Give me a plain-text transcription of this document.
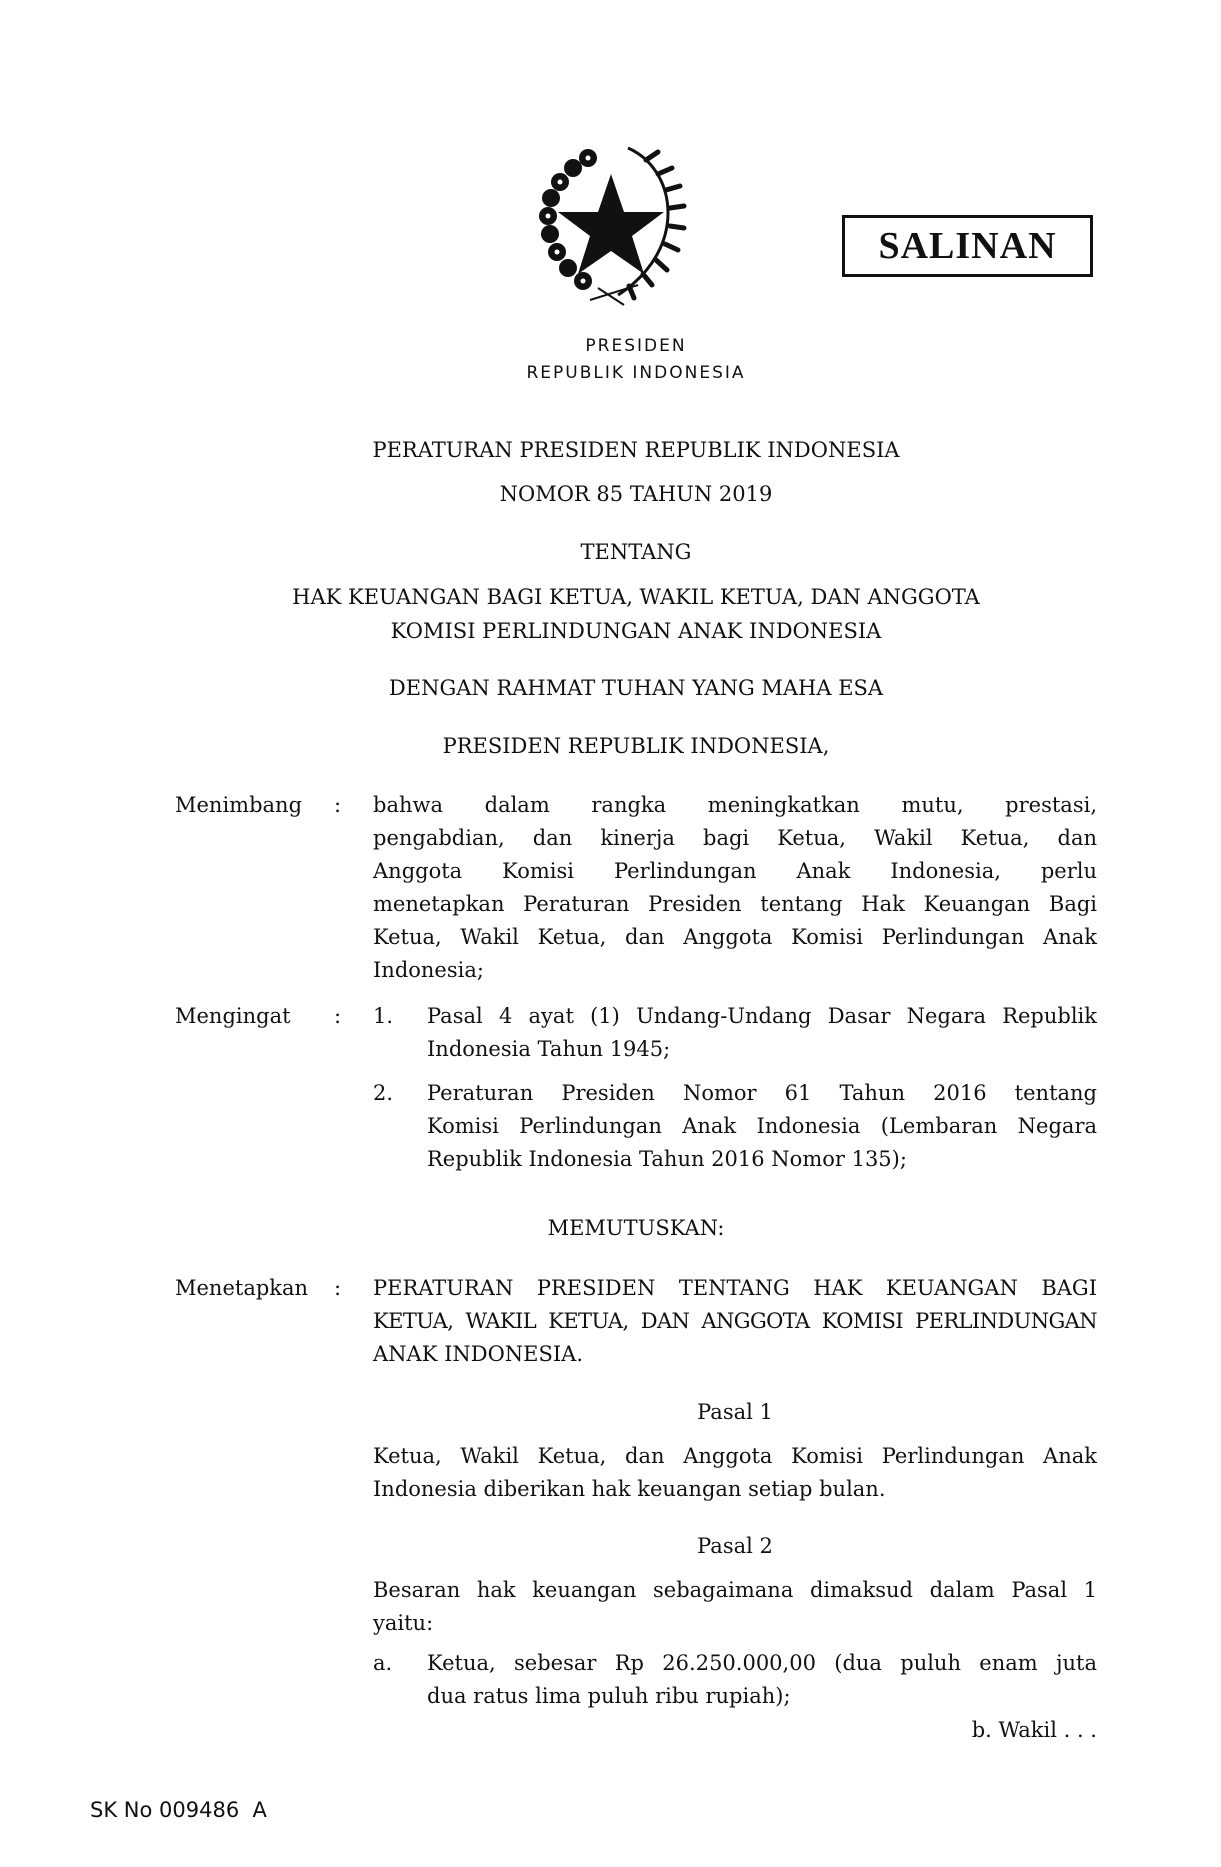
PRESIDEN
REPUBLIK INDONESIA
SALINAN
PERATURAN PRESIDEN REPUBLIK INDONESIA
NOMOR 85 TAHUN 2019
TENTANG
HAK KEUANGAN BAGI KETUA, WAKIL KETUA, DAN ANGGOTA
KOMISI PERLINDUNGAN ANAK INDONESIA
DENGAN RAHMAT TUHAN YANG MAHA ESA
PRESIDEN REPUBLIK INDONESIA,
Menimbang : bahwa dalam rangka meningkatkan mutu, prestasi,
pengabdian, dan kinerja bagi Ketua, Wakil Ketua, dan
Anggota Komisi Perlindungan Anak Indonesia, perlu
menetapkan Peraturan Presiden tentang Hak Keuangan Bagi
Ketua, Wakil Ketua, dan Anggota Komisi Perlindungan Anak
Indonesia;
Mengingat : 1. Pasal 4 ayat (1) Undang-Undang Dasar Negara Republik
Indonesia Tahun 1945;
2. Peraturan Presiden Nomor 61 Tahun 2016 tentang
Komisi Perlindungan Anak Indonesia (Lembaran Negara
Republik Indonesia Tahun 2016 Nomor 135);
MEMUTUSKAN:
Menetapkan : PERATURAN PRESIDEN TENTANG HAK KEUANGAN BAGI
KETUA, WAKIL KETUA, DAN ANGGOTA KOMISI PERLINDUNGAN
ANAK INDONESIA.
Pasal 1
Ketua, Wakil Ketua, dan Anggota Komisi Perlindungan Anak
Indonesia diberikan hak keuangan setiap bulan.
Pasal 2
Besaran hak keuangan sebagaimana dimaksud dalam Pasal 1
yaitu:
a. Ketua, sebesar Rp 26.250.000,00 (dua puluh enam juta
dua ratus lima puluh ribu rupiah);
b. Wakil . . .
SK No 009486  A
